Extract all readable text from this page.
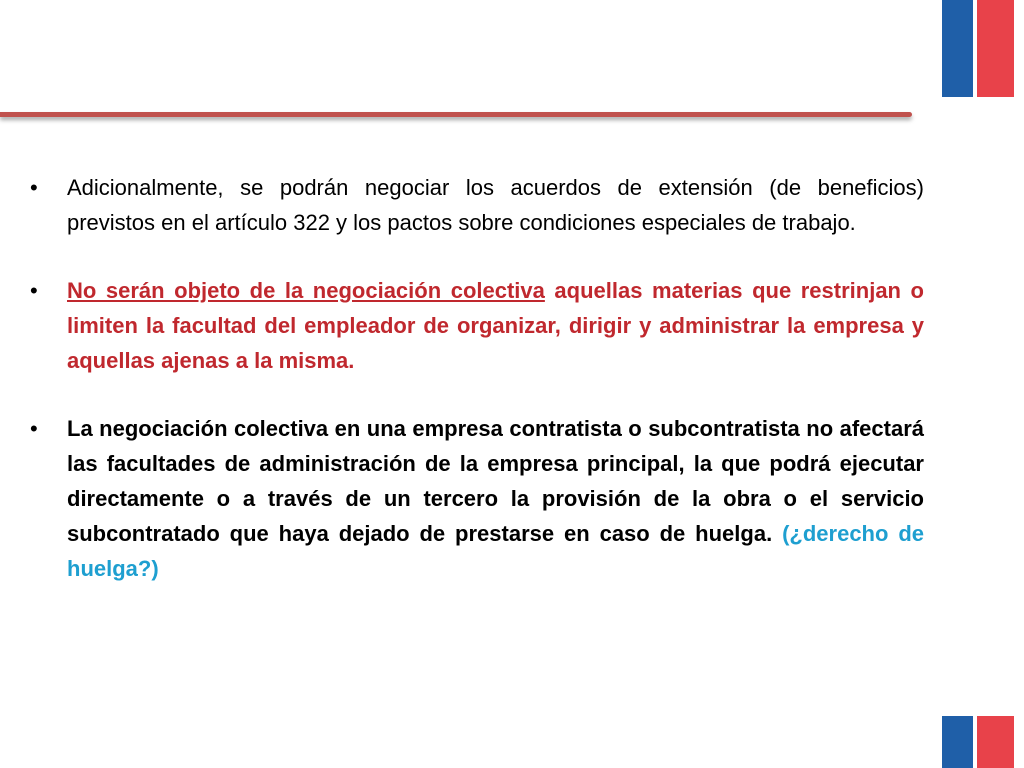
• Adicionalmente, se podrán negociar los acuerdos de extensión (de beneficios) previstos en el artículo 322 y los pactos sobre condiciones especiales de trabajo.
• No serán objeto de la negociación colectiva aquellas materias que restrinjan o limiten la facultad del empleador de organizar, dirigir y administrar la empresa y aquellas ajenas a la misma.
• La negociación colectiva en una empresa contratista o subcontratista no afectará las facultades de administración de la empresa principal, la que podrá ejecutar directamente o a través de un tercero la provisión de la obra o el servicio subcontratado que haya dejado de prestarse en caso de huelga. (¿derecho de huelga?)
